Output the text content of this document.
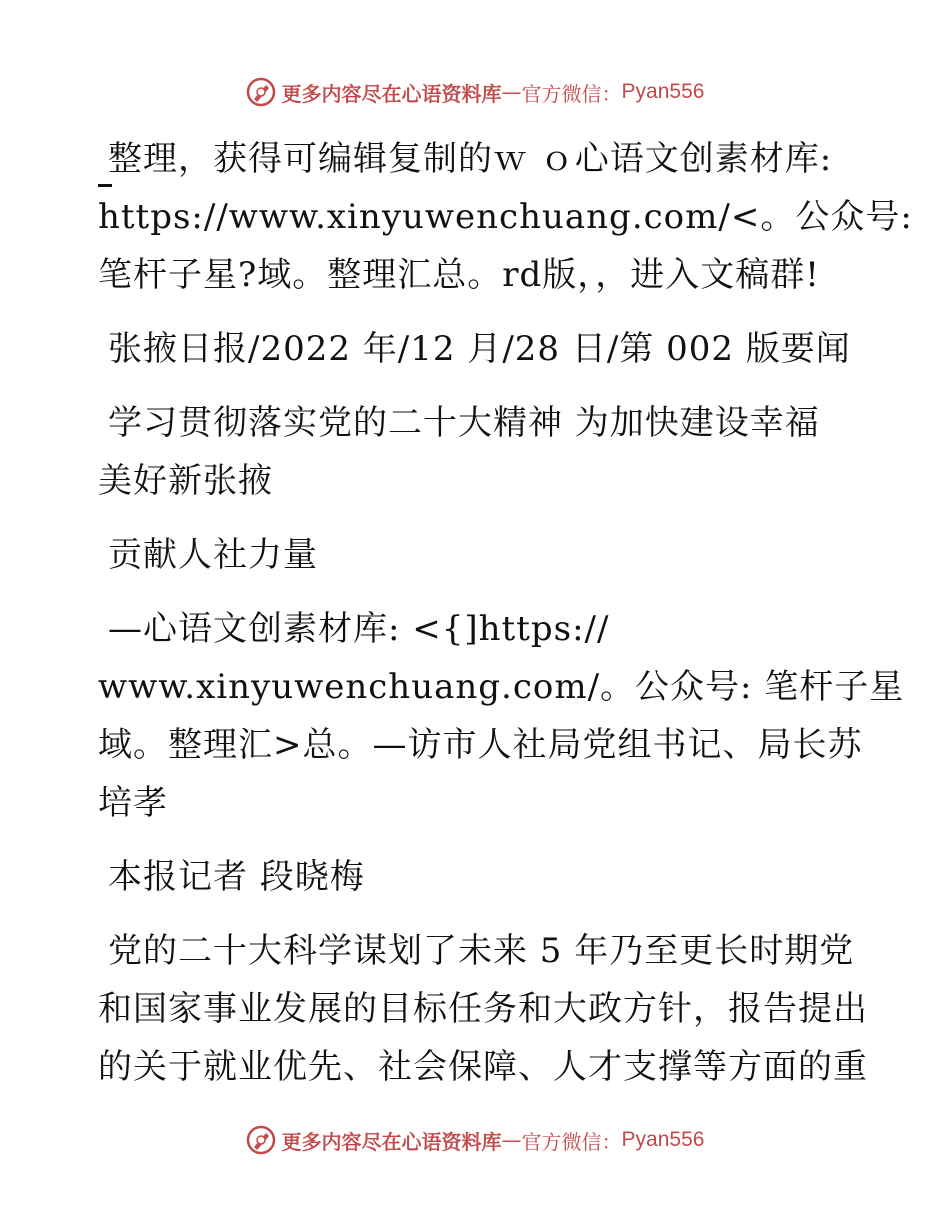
更多内容尽在心语资料库 — 官方微信： Pyan556
整理，获得可编辑复制的ｗ ｏ心语文创素材库:
https://www.xinyuwenchuang.com/<。公众号:
笔杆子星?域。整理汇总。rd版，，进入文稿群!
张掖日报/2022 年/12 月/28 日/第 002 版要闻
学习贯彻落实党的二十大精神 为加快建设幸福
美好新张掖
贡献人社力量
—心语文创素材库: <{]https://
www.xinyuwenchuang.com/。公众号: 笔杆子星
域。整理汇>总。—访市人社局党组书记、局长苏
培孝
本报记者 段晓梅
党的二十大科学谋划了未来 5 年乃至更长时期党
和国家事业发展的目标任务和大政方针，报告提出
的关于就业优先、社会保障、人才支撑等方面的重
更多内容尽在心语资料库 — 官方微信： Pyan556
